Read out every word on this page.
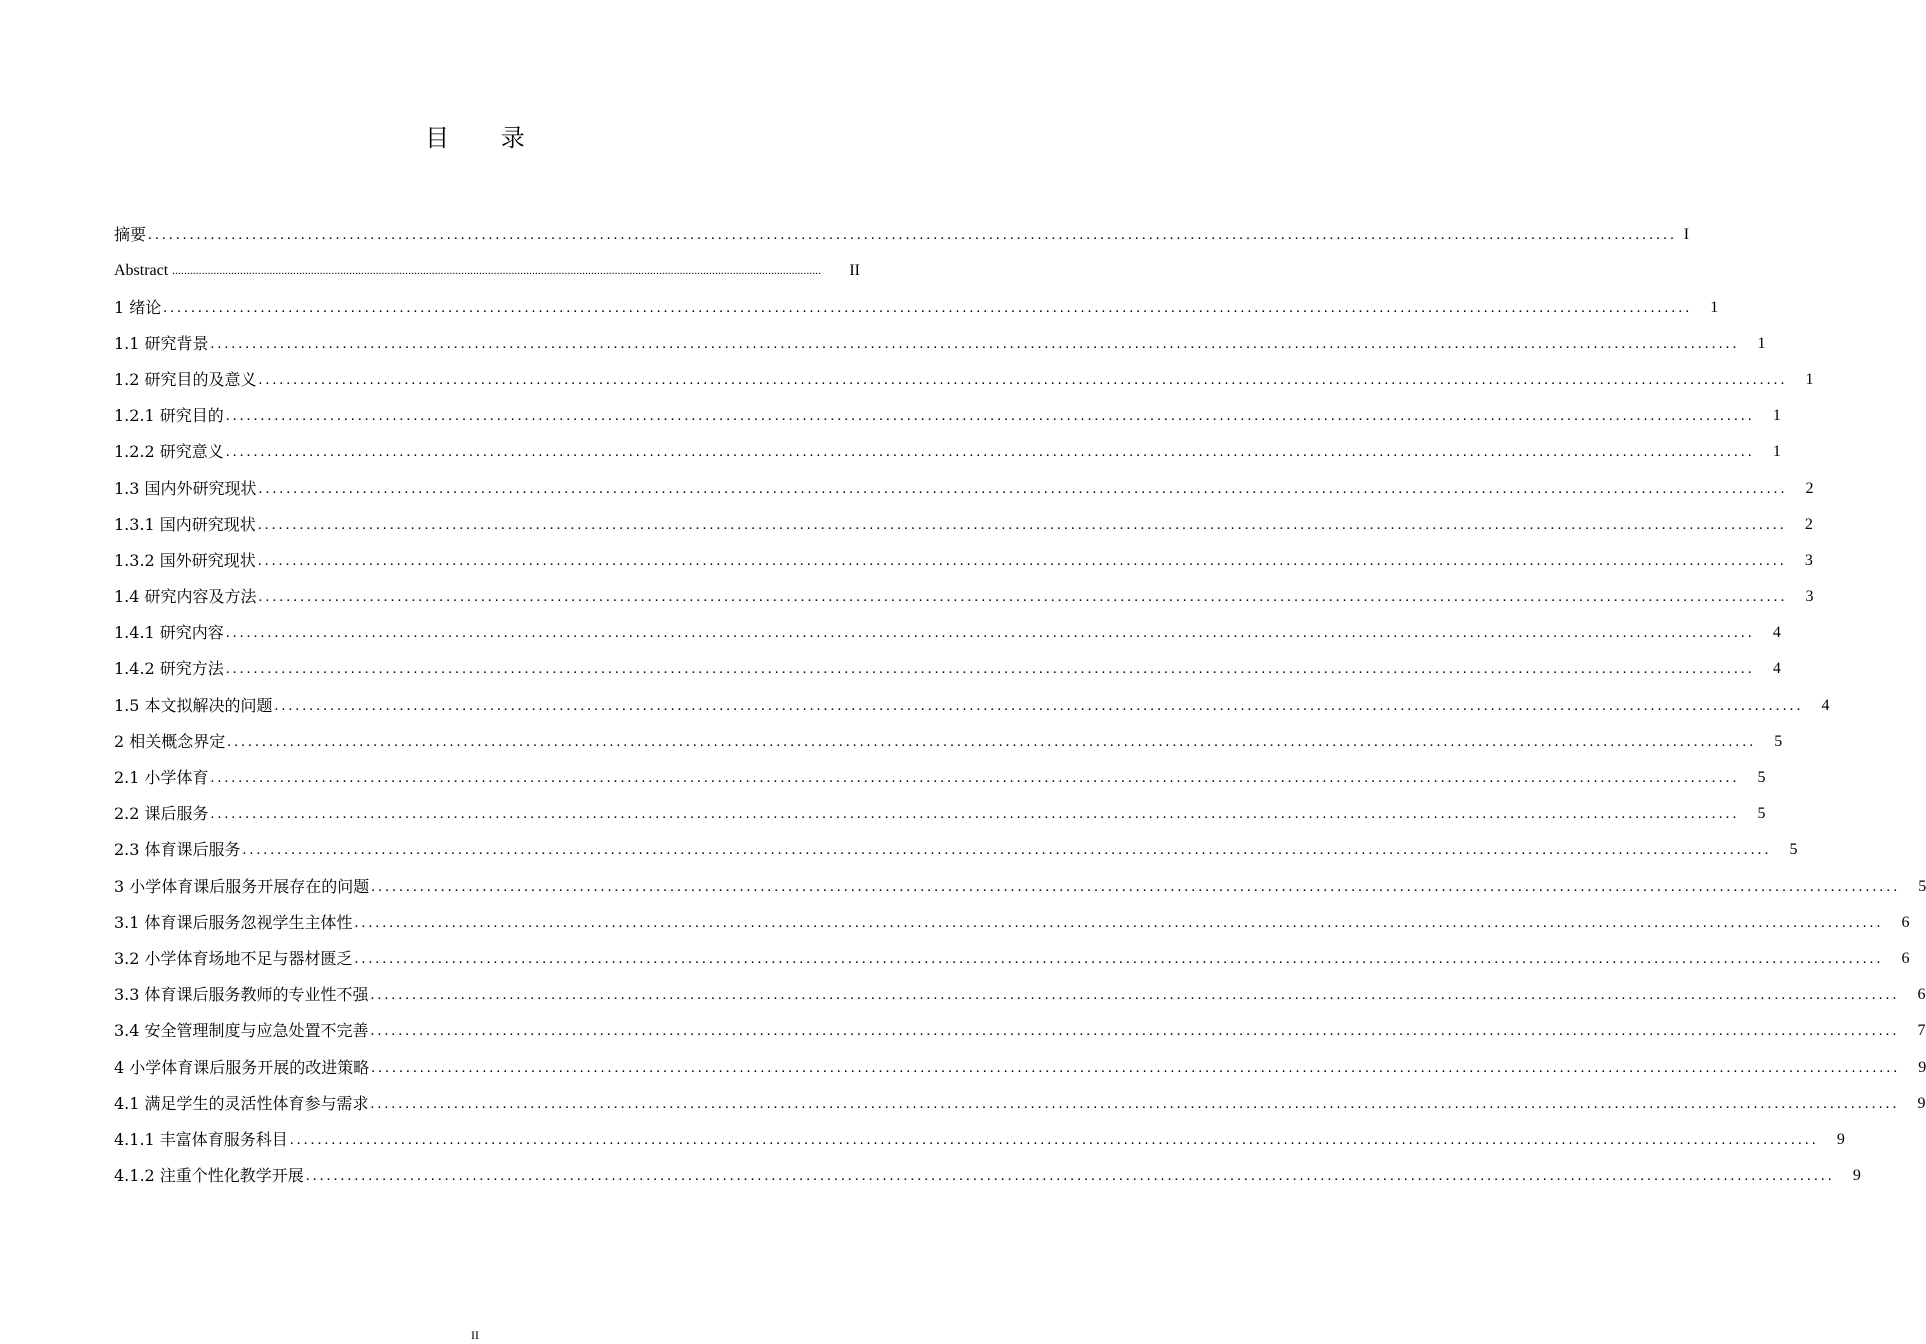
目 录
摘要 ............................................................................................................................................................................................................................ I
Abstract ............................................................................................................................................................................................................................	II
1 绪论 ............................................................................................................................................................................................................................	1
1.1 研究背景 ............................................................................................................................................................................................................................	1
1.2 研究目的及意义 ............................................................................................................................................................................................................................	1
1.2.1 研究目的 ............................................................................................................................................................................................................................	1
1.2.2 研究意义 ............................................................................................................................................................................................................................	1
1.3 国内外研究现状 ............................................................................................................................................................................................................................	2
1.3.1 国内研究现状 ............................................................................................................................................................................................................................	2
1.3.2 国外研究现状 ............................................................................................................................................................................................................................	3
1.4 研究内容及方法 ............................................................................................................................................................................................................................	3
1.4.1 研究内容 ............................................................................................................................................................................................................................	4
1.4.2 研究方法 ............................................................................................................................................................................................................................	4
1.5 本文拟解决的问题 ............................................................................................................................................................................................................................	4
2 相关概念界定 ............................................................................................................................................................................................................................	5
2.1 小学体育 ............................................................................................................................................................................................................................	5
2.2 课后服务 ............................................................................................................................................................................................................................	5
2.3 体育课后服务 ............................................................................................................................................................................................................................	5
3 小学体育课后服务开展存在的问题 ............................................................................................................................................................................................................................	5
3.1 体育课后服务忽视学生主体性 ............................................................................................................................................................................................................................	6
3.2 小学体育场地不足与器材匮乏 ............................................................................................................................................................................................................................	6
3.3 体育课后服务教师的专业性不强 ............................................................................................................................................................................................................................	6
3.4 安全管理制度与应急处置不完善 ............................................................................................................................................................................................................................	7
4 小学体育课后服务开展的改进策略 ............................................................................................................................................................................................................................	9
4.1 满足学生的灵活性体育参与需求 ............................................................................................................................................................................................................................	9
4.1.1 丰富体育服务科目 ............................................................................................................................................................................................................................	9
4.1.2 注重个性化教学开展 ............................................................................................................................................................................................................................	9
II
